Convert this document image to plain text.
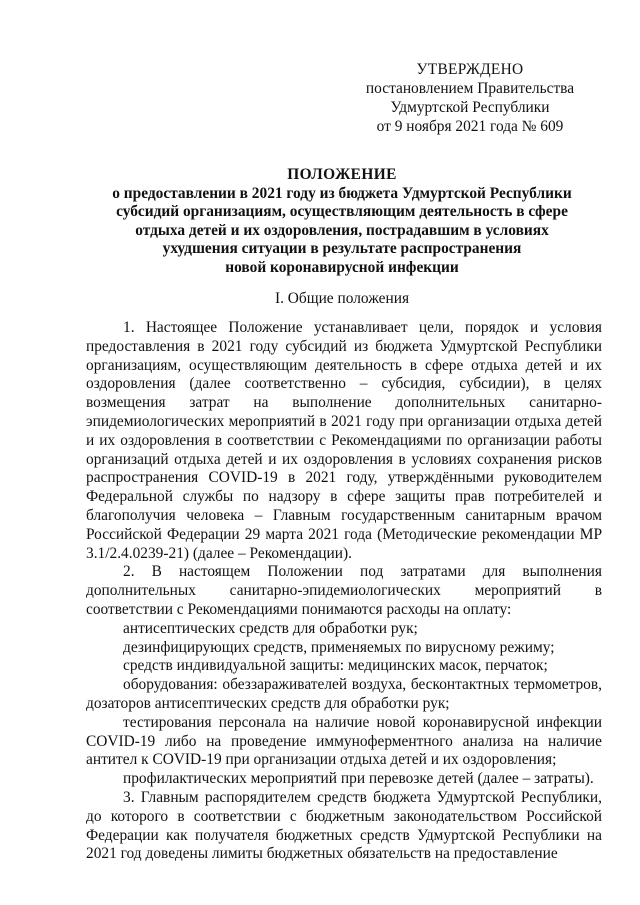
УТВЕРЖДЕНО
постановлением Правительства
Удмуртской Республики
от 9 ноября 2021 года № 609
ПОЛОЖЕНИЕ
о предоставлении в 2021 году из бюджета Удмуртской Республики
субсидий организациям, осуществляющим деятельность в сфере
отдыха детей и их оздоровления, пострадавшим в условиях
ухудшения ситуации в результате распространения
новой коронавирусной инфекции
I. Общие положения

1. Настоящее Положение устанавливает цели, порядок и условия предоставления в 2021 году субсидий из бюджета Удмуртской Республики организациям, осуществляющим деятельность в сфере отдыха детей и их оздоровления (далее соответственно – субсидия, субсидии), в целях возмещения затрат на выполнение дополнительных санитарно-эпидемиологических мероприятий в 2021 году при организации отдыха детей и их оздоровления в соответствии с Рекомендациями по организации работы организаций отдыха детей и их оздоровления в условиях сохранения рисков распространения COVID-19 в 2021 году, утверждёнными руководителем Федеральной службы по надзору в сфере защиты прав потребителей и благополучия человека – Главным государственным санитарным врачом Российской Федерации 29 марта 2021 года (Методические рекомендации МР 3.1/2.4.0239-21) (далее – Рекомендации).

2. В настоящем Положении под затратами для выполнения дополнительных санитарно-эпидемиологических мероприятий в соответствии с Рекомендациями понимаются расходы на оплату:

антисептических средств для обработки рук;

дезинфицирующих средств, применяемых по вирусному режиму;

средств индивидуальной защиты: медицинских масок, перчаток;

оборудования: обеззараживателей воздуха, бесконтактных термометров, дозаторов антисептических средств для обработки рук;

тестирования персонала на наличие новой коронавирусной инфекции COVID-19 либо на проведение иммуноферментного анализа на наличие антител к COVID-19 при организации отдыха детей и их оздоровления;

профилактических мероприятий при перевозке детей (далее – затраты).

3. Главным распорядителем средств бюджета Удмуртской Республики, до которого в соответствии с бюджетным законодательством Российской Федерации как получателя бюджетных средств Удмуртской Республики на 2021 год доведены лимиты бюджетных обязательств на предоставление
